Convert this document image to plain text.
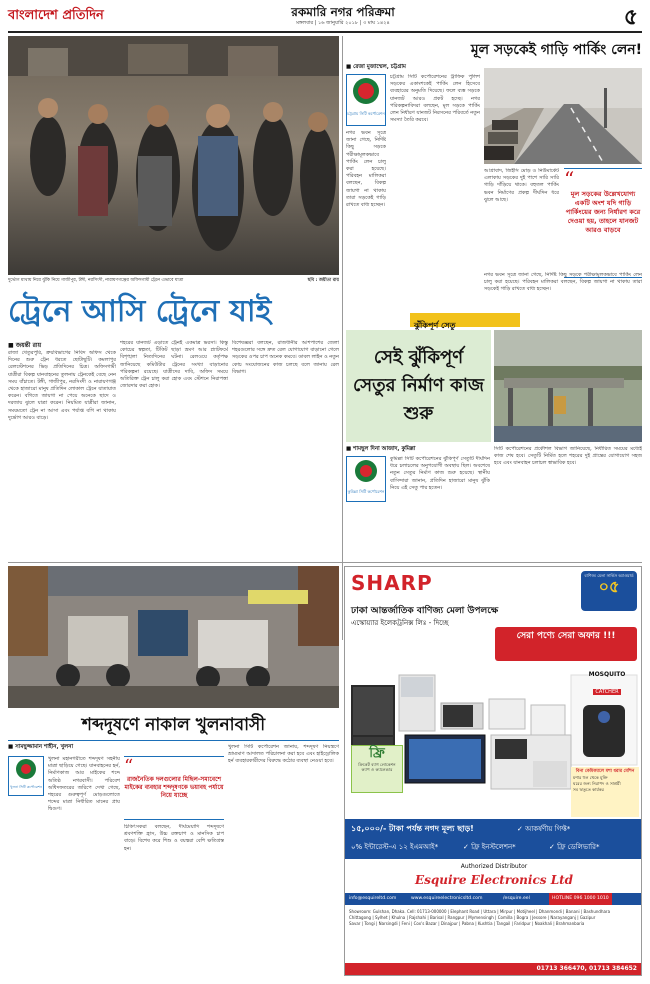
বাংলাদেশ প্রতিদিন	রকমারি নগর পরিক্রমা
মঙ্গলবার | ১৬ জানুয়ারি ২০১৮ | ৩ মাঘ ১৪২৪	৫
দুর্ভোগ মাথায় নিয়ে ঝুঁকি নিয়ে গাজীপুর, টঙ্গী, নরসিংদী, নারায়ণগঞ্জের অফিসগামী ট্রেনে এভাবে যাত্রা	ছবি : জয়ীতা রায়
ট্রেনে আসি ট্রেনে যাই
■ জয়ন্তী রায়
রাজা খেতুরপুরি, ক্রয়বিভাগের নিবিদ অফিস থেকে দিনের শুরু ট্রেন ধরতে ছোটাছুটি। কমলাপুর রেলস্টেশনের ভিড় প্রতিদিনের চিত্র। অফিসগামী যাত্রীরা বিকল্প যানবাহনের তুলনায় ট্রেনকেই বেছে নেন সময় বাঁচাতে। টঙ্গী, গাজীপুর, নরসিংদী ও নারায়ণগঞ্জ থেকে হাজারো মানুষ প্রতিদিন লোকাল ট্রেনে যাতায়াত করেন। বগিতে জায়গা না পেয়ে অনেকে ছাদে ও দরজায় ঝুলে যাত্রা করেন। নিয়মিত যাত্রীরা জানান, সময়মতো ট্রেন না আসা এবং পর্যাপ্ত বগি না থাকায় দুর্ভোগ আরও বাড়ে।
শহরের যানজট এড়াতে ট্রেনই একমাত্র ভরসা। কিন্তু কোচের স্বল্পতা, টিকিট ছাড়া ভ্রমণ আর প্ল্যাটফর্মে বিশৃঙ্খলা নিত্যদিনের ঘটনা। রেলওয়ে কর্তৃপক্ষ জানিয়েছে কমিউটার ট্রেনের সংখ্যা বাড়ানোর পরিকল্পনা রয়েছে। যাত্রীদের দাবি, অফিস সময়ে অতিরিক্ত ট্রেন চালু করা হোক এবং স্টেশনে নিরাপত্তা জোরদার করা হোক।
বিশেষজ্ঞরা বলছেন, রাজধানীর আশপাশের জেলা শহরগুলোর সঙ্গে দ্রুত রেল যোগাযোগ বাড়ানো গেলে সড়কের ওপর চাপ অনেক কমবে। ডাবল লাইন ও নতুন কোচ সংযোজনের কাজ চলছে বলে জানায় রেল বিভাগ।
মূল সড়কেই গাড়ি পার্কিং লেন!
■ রেজা মুজাম্মেল, চট্টগ্রাম
চট্টগ্রাম সিটি কর্পোরেশন
চট্টগ্রাম সিটি কর্পোরেশনের ট্রাফিক পুলিশ সড়কের একাংশকেই পার্কিং লেন হিসেবে ব্যবহারের অনুমতি দিয়েছে। ফলে ব্যস্ত সড়কে যানজট আরও প্রকট হচ্ছে। নগর পরিকল্পনাবিদরা বলছেন, মূল সড়কে পার্কিং লেন নির্ধারণ যানজট নিরসনের পরিবর্তে নতুন সমস্যা তৈরি করবে।
নগর ভবন সূত্রে জানা গেছে, নির্দিষ্ট কিছু সড়কে পরীক্ষামূলকভাবে পার্কিং লেন চালু করা হয়েছে। পরিবহন মালিকরা বলছেন, বিকল্প জায়গা না থাকায় তারা সড়কেই গাড়ি রাখতে বাধ্য হচ্ছেন।
আগ্রাবাদ, জিইসি মোড় ও নিউমার্কেট এলাকায় সড়কের দুই পাশে সারি সারি গাড়ি দাঁড়িয়ে থাকে। বহুতল পার্কিং ভবন নির্মাণের প্রকল্প দীর্ঘদিন ধরে ঝুলে আছে।
“
মূল সড়কের উল্লেখযোগ্য একটি অংশ যদি গাড়ি পার্কিংয়ের জন্য নির্ধারণ করে দেওয়া হয়, তাহলে যানজট আরও বাড়বে
নগর ভবন সূত্রে জানা গেছে, নির্দিষ্ট কিছু সড়কে পরীক্ষামূলকভাবে পার্কিং লেন চালু করা হয়েছে। পরিবহন মালিকরা বলছেন, বিকল্প জায়গা না থাকায় তারা সড়কেই গাড়ি রাখতে বাধ্য হচ্ছেন।
ঝুঁকিপূর্ণ সেতু
সেই ঝুঁকিপূর্ণ সেতুর নির্মাণ কাজ শুরু
■ শামছুল দিনা আজাদ, কুমিল্লা
কুমিল্লা সিটি কর্পোরেশন
কুমিল্লা সিটি কর্পোরেশনের ঝুঁকিপূর্ণ সেতুটি দীর্ঘদিন ধরে চলাচলের অনুপযোগী অবস্থায় ছিল। অবশেষে নতুন সেতুর নির্মাণ কাজ শুরু হয়েছে। স্থানীয় বাসিন্দারা জানান, প্রতিদিন হাজারো মানুষ ঝুঁকি নিয়ে এই সেতু পার হতেন।
সিটি কর্পোরেশনের প্রকৌশল বিভাগ জানিয়েছে, নির্ধারিত সময়ের মধ্যেই কাজ শেষ হবে। সেতুটি নির্মিত হলে শহরের দুই প্রান্তের যোগাযোগ সহজ হবে এবং যানবাহন চলাচল স্বাভাবিক হবে।
শব্দদূষণে নাকাল খুলনাবাসী
■ সামছুজ্জামান শাহীন, খুলনা
খুলনা সিটি কর্পোরেশন
খুলনা মহানগরীতে শব্দদূষণ সহনীয় মাত্রা ছাড়িয়ে গেছে। যানবাহনের হর্ন, নির্মাণকাজ আর মাইকের শব্দে অতিষ্ঠ নগরবাসী। পরিবেশ অধিদফতরের জরিপে দেখা গেছে, শহরের গুরুত্বপূর্ণ মোড়গুলোতে শব্দের মাত্রা নির্ধারিত মানের প্রায় দ্বিগুণ।
“
রাজনৈতিক দলগুলোর মিছিল-সমাবেশে মাইকের ব্যবহার শব্দদূষণকে ভয়াবহ পর্যায়ে নিয়ে যাচ্ছে
চিকিৎসকরা বলছেন, দীর্ঘমেয়াদি শব্দদূষণে শ্রবণশক্তি হ্রাস, উচ্চ রক্তচাপ ও মানসিক চাপ বাড়ে। বিশেষ করে শিশু ও বয়স্করা বেশি ক্ষতিগ্রস্ত হন।
খুলনা সিটি কর্পোরেশন জানায়, শব্দদূষণ নিয়ন্ত্রণে ভ্রাম্যমাণ আদালত পরিচালনা করা হবে এবং হাইড্রোলিক হর্ন ব্যবহারকারীদের বিরুদ্ধে কঠোর ব্যবস্থা নেওয়া হবে।
SHARP	বাণিজ্য মেলা সার্ভিস অ্যাওয়ার্ড
০৫
ঢাকা আন্তর্জাতিক বাণিজ্য মেলা উপলক্ষে
এস্কোয়্যার ইলেকট্রনিক্স লিঃ - দিচ্ছে
সেরা পণ্যে সেরা অফার !!!
MOSQUITO
CATCHER
ফ্রি
ক্রিকেট ব্যাগ লোকেশন ক্যাপ ও ক্যালেন্ডার	বিনা কেমিক্যালে মশা ধরার মেশিন
মশার হুল থেকে মুক্তি
ঘরের জন্য নিরাপদ ও সাশ্রয়ী
সব ঋতুতে কার্যকর
১৫,০০০/- টাকা পর্যন্ত নগদ মূল্য ছাড়!	✓ আকর্ষণীয় গিফ্ট*
০% ইন্টারেস্ট-এ ১২ ইএমআই*	✓ ফ্রি ইনস্টলেশন*	✓ ফ্রি ডেলিভারি*
Authorized Distributor
Esquire Electronics Ltd
info@esquireltd.com	www.esquireelectronicsltd.com	/esquire.eel	HOTLINE 096 1000 1010
Showroom: Gulshan, Dhaka. Cell: 01713-000000 | Elephant Road | Uttara | Mirpur | Motijheel | Dhanmondi | Banani | Bashundhara
Chittagong | Sylhet | Khulna | Rajshahi | Barisal | Rangpur | Mymensingh | Comilla | Bogra | Jessore | Narayanganj | Gazipur
Savar | Tongi | Narsingdi | Feni | Cox's Bazar | Dinajpur | Pabna | Kushtia | Tangail | Faridpur | Noakhali | Brahmanbaria
01713 366470, 01713 384652
